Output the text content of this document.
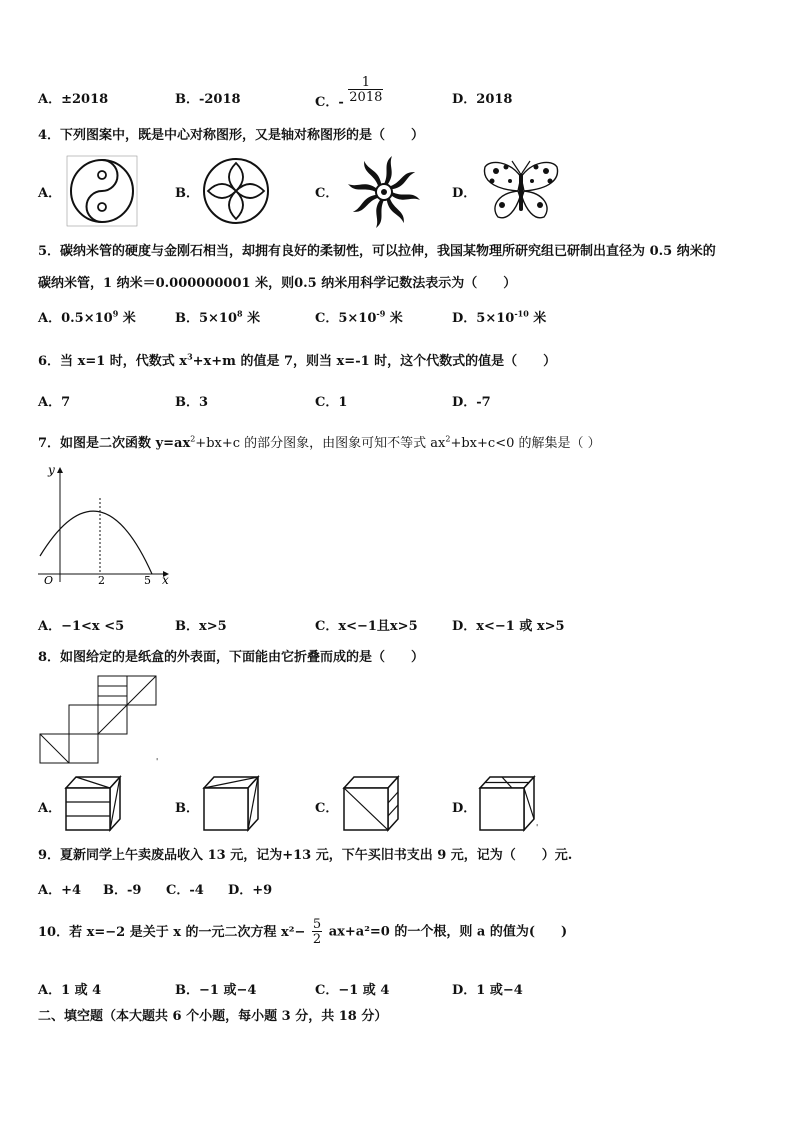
A．±2018	B．-2018	C．- $\frac{1}{2018}$	D．2018
4．下列图案中，既是中心对称图形，又是轴对称图形的是（　　）
A．	B．	C．	D．
5．碳纳米管的硬度与金刚石相当，却拥有良好的柔韧性，可以拉伸，我国某物理所研究组已研制出直径为 0.5 纳米的
碳纳米管，1 纳米＝0.000000001 米，则0.5 纳米用科学记数法表示为（　　）
A．$0.5\times 10^9$ 米	B．$5\times 10^8$ 米	C．$5\times 10^{-9}$ 米	D．$5\times 10^{-10}$ 米
6．当 x=1 时，代数式 $x^3+x+m$ 的值是 7，则当 x=-1 时，这个代数式的值是（　　）
A．7	B．3	C．1	D．-7
7．如图是二次函数 $y=ax^2+bx+c$ 的部分图象，由图象可知不等式 $ax^2+bx+c<0$ 的解集是（ ）
y
x
O	2	5
A．−1<x <5	B．x>5	C．x<−1且x>5	D．x<−1 或 x>5
8．如图给定的是纸盒的外表面，下面能由它折叠而成的是（　　）
'
A．	B．	C．	D．
'
9．夏新同学上午卖废品收入 13 元，记为+13 元，下午买旧书支出 9 元，记为（　　）元.
A．+4 B．-9 C．-4 D．+9
10．若 x=−2 是关于 x 的一元二次方程 $x^2- \frac{5}{2} ax+a^2=0$ 的一个根，则 a 的值为(　　)
A．1 或 4	B．−1 或−4	C．−1 或 4	D．1 或−4
二、填空题（本大题共 6 个小题，每小题 3 分，共 18 分）
